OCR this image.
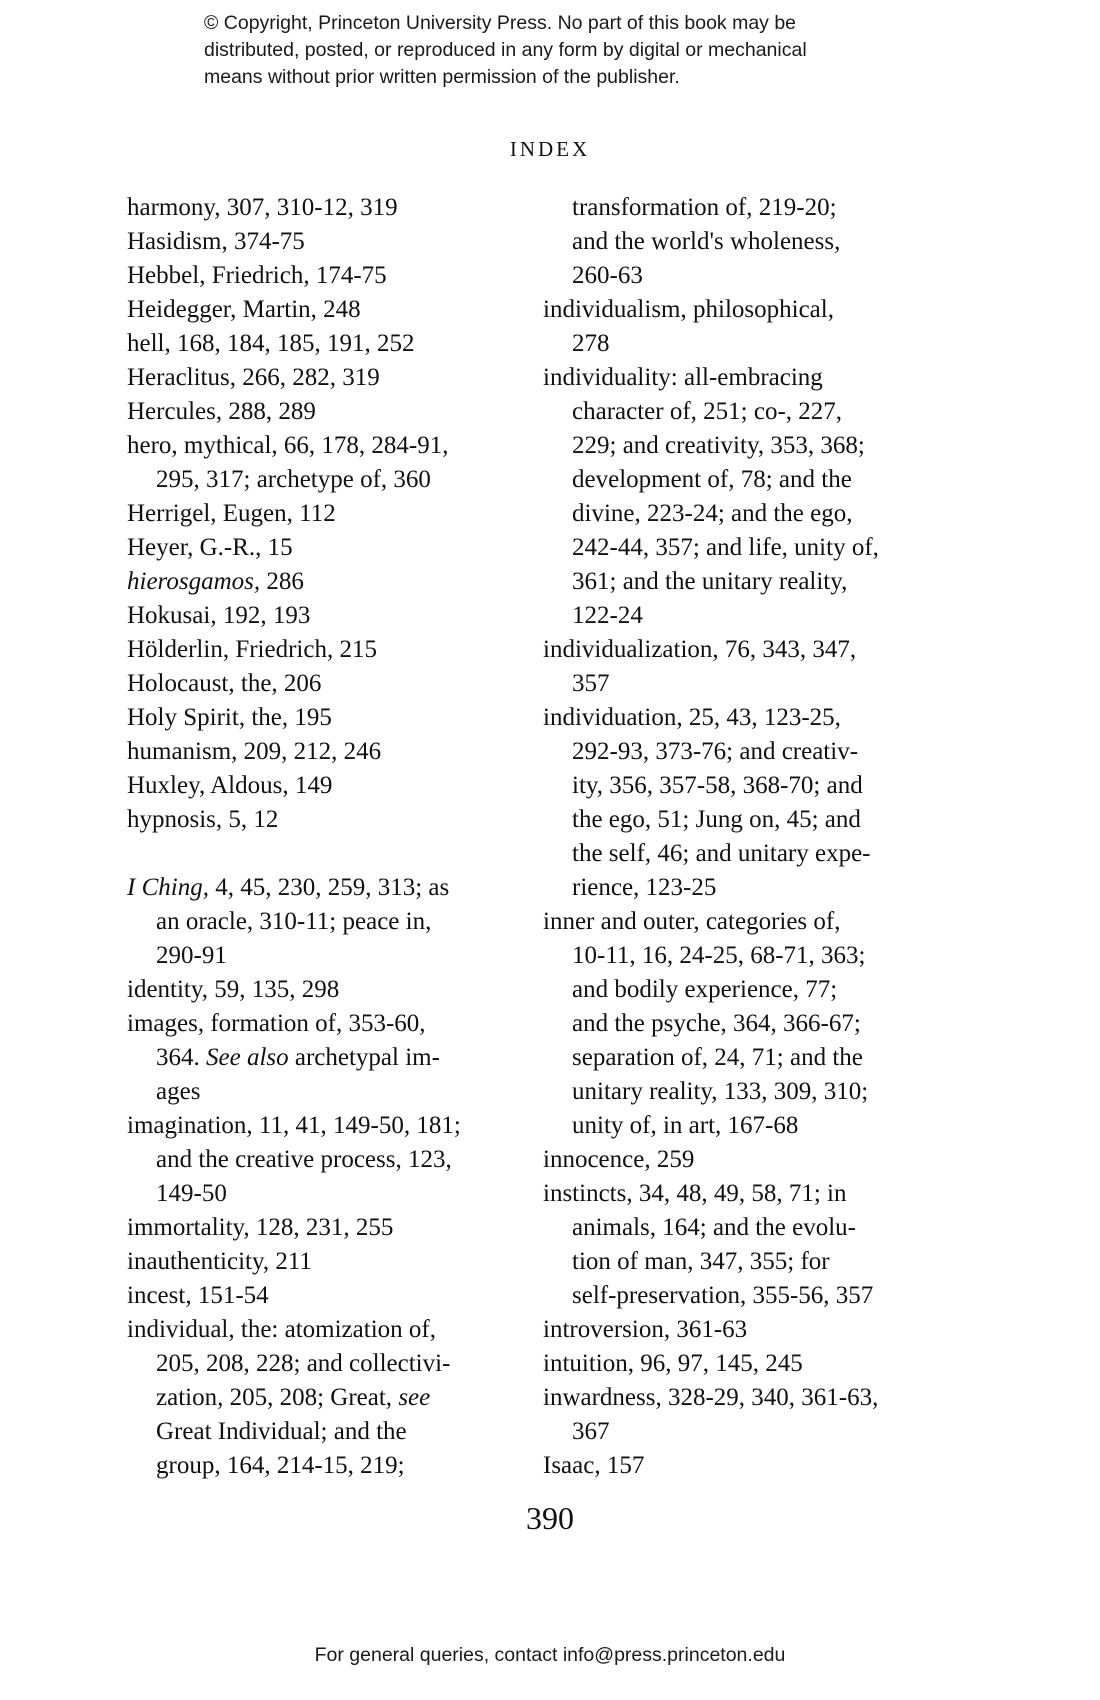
© Copyright, Princeton University Press. No part of this book may be
distributed, posted, or reproduced in any form by digital or mechanical
means without prior written permission of the publisher.
INDEX
harmony, 307, 310-12, 319
Hasidism, 374-75
Hebbel, Friedrich, 174-75
Heidegger, Martin, 248
hell, 168, 184, 185, 191, 252
Heraclitus, 266, 282, 319
Hercules, 288, 289
hero, mythical, 66, 178, 284-91,
295, 317; archetype of, 360
Herrigel, Eugen, 112
Heyer, G.-R., 15
hierosgamos, 286
Hokusai, 192, 193
Hölderlin, Friedrich, 215
Holocaust, the, 206
Holy Spirit, the, 195
humanism, 209, 212, 246
Huxley, Aldous, 149
hypnosis, 5, 12
I Ching, 4, 45, 230, 259, 313; as
an oracle, 310-11; peace in,
290-91
identity, 59, 135, 298
images, formation of, 353-60,
364. See also archetypal im-
ages
imagination, 11, 41, 149-50, 181;
and the creative process, 123,
149-50
immortality, 128, 231, 255
inauthenticity, 211
incest, 151-54
individual, the: atomization of,
205, 208, 228; and collectivi-
zation, 205, 208; Great, see
Great Individual; and the
group, 164, 214-15, 219;
transformation of, 219-20;
and the world's wholeness,
260-63
individualism, philosophical,
278
individuality: all-embracing
character of, 251; co-, 227,
229; and creativity, 353, 368;
development of, 78; and the
divine, 223-24; and the ego,
242-44, 357; and life, unity of,
361; and the unitary reality,
122-24
individualization, 76, 343, 347,
357
individuation, 25, 43, 123-25,
292-93, 373-76; and creativ-
ity, 356, 357-58, 368-70; and
the ego, 51; Jung on, 45; and
the self, 46; and unitary expe-
rience, 123-25
inner and outer, categories of,
10-11, 16, 24-25, 68-71, 363;
and bodily experience, 77;
and the psyche, 364, 366-67;
separation of, 24, 71; and the
unitary reality, 133, 309, 310;
unity of, in art, 167-68
innocence, 259
instincts, 34, 48, 49, 58, 71; in
animals, 164; and the evolu-
tion of man, 347, 355; for
self-preservation, 355-56, 357
introversion, 361-63
intuition, 96, 97, 145, 245
inwardness, 328-29, 340, 361-63,
367
Isaac, 157
390
For general queries, contact info@press.princeton.edu
